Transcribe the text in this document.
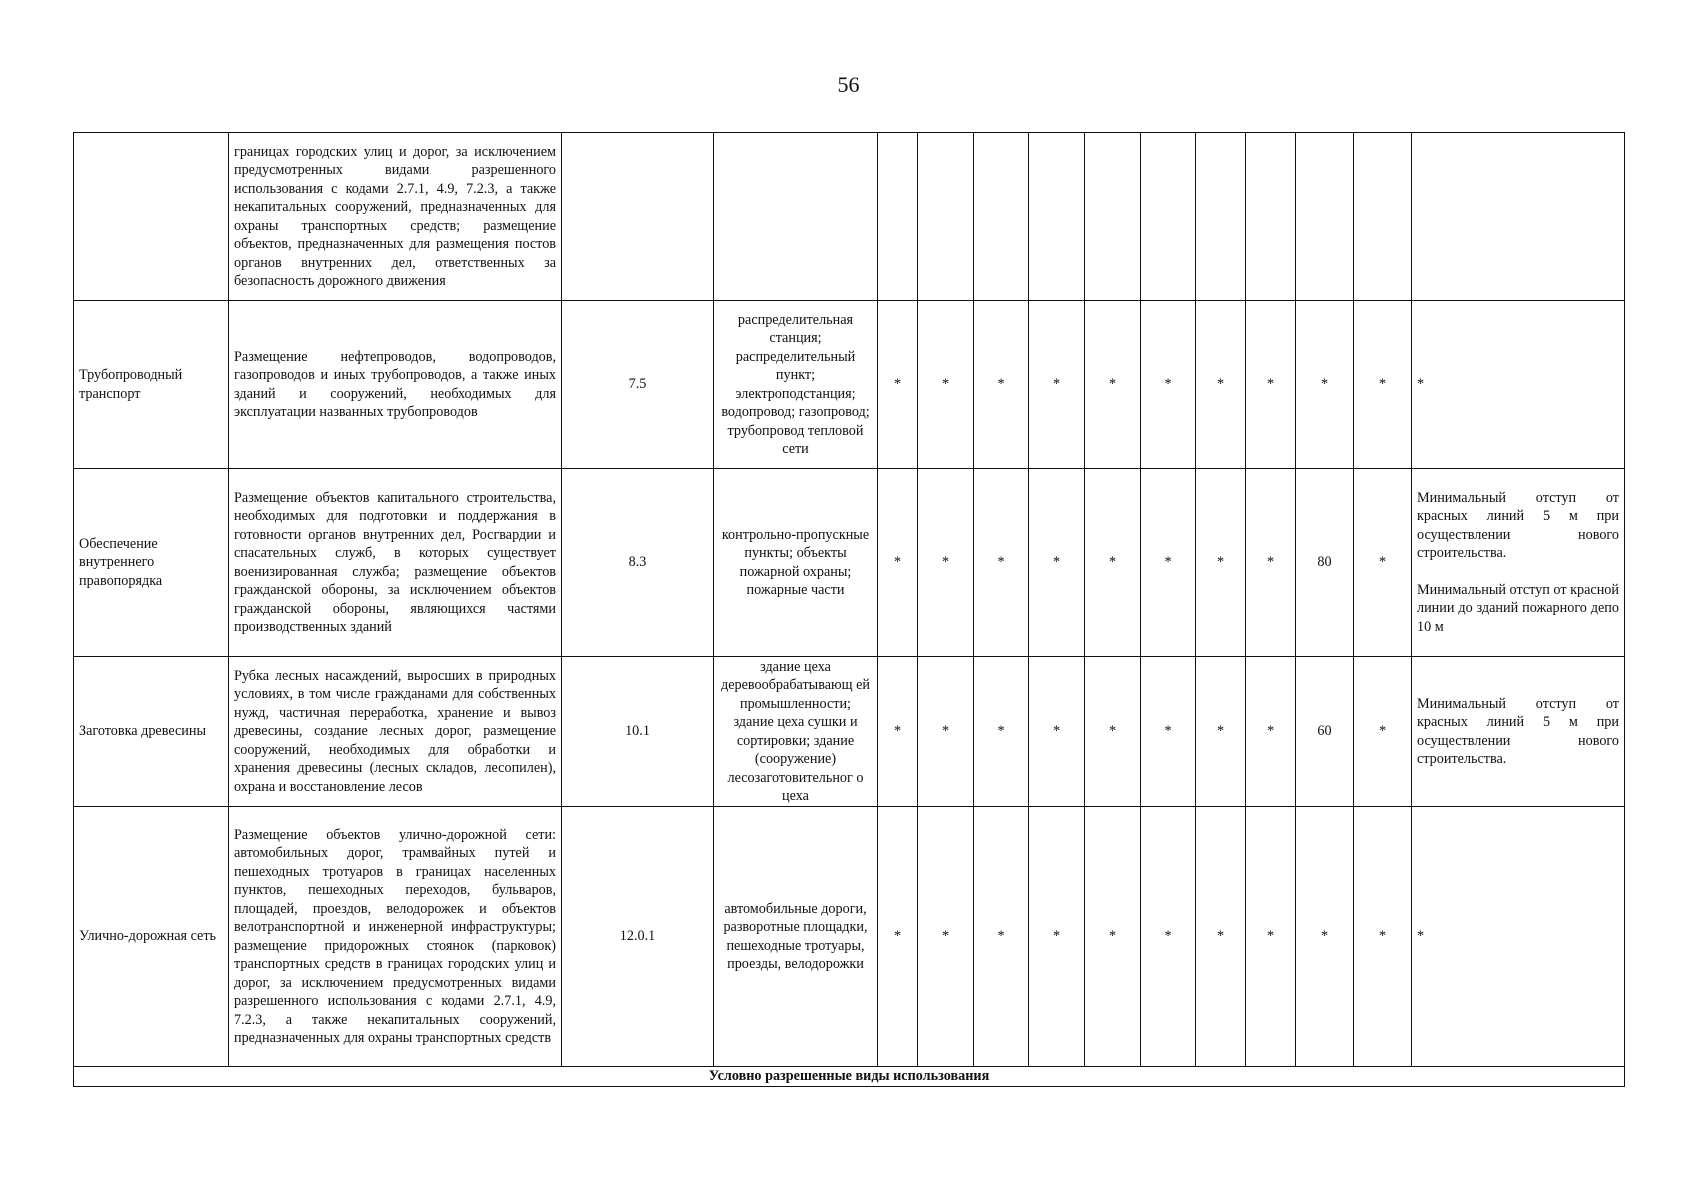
56
	границах городских улиц и дорог, за исключением предусмотренных видами разрешенного использования с кодами 2.7.1, 4.9, 7.2.3, а также некапитальных сооружений, предназначенных для охраны транспортных средств; размещение объектов, предназначенных для размещения постов органов внутренних дел, ответственных за безопасность дорожного движения													
Трубопроводный транспорт	Размещение нефтепроводов, водопроводов, газопроводов и иных трубопроводов, а также иных зданий и сооружений, необходимых для эксплуатации названных трубопроводов	7.5	распределительная станция; распределительный пункт; электроподстанция; водопровод; газопровод; трубопровод тепловой сети	*	*	*	*	*	*	*	*	*	*	*
Обеспечение внутреннего правопорядка	Размещение объектов капитального строительства, необходимых для подготовки и поддержания в готовности органов внутренних дел, Росгвардии и спасательных служб, в которых существует военизированная служба; размещение объектов гражданской обороны, за исключением объектов гражданской обороны, являющихся частями производственных зданий	8.3	контрольно-пропускные пункты; объекты пожарной охраны; пожарные части	*	*	*	*	*	*	*	*	80	*	Минимальный отступ от красных линий 5 м при осуществлении нового строительства.

Минимальный отступ от красной линии до зданий пожарного депо 10 м

Заготовка древесины	Рубка лесных насаждений, выросших в природных условиях, в том числе гражданами для собственных нужд, частичная переработка, хранение и вывоз древесины, создание лесных дорог, размещение сооружений, необходимых для обработки и хранения древесины (лесных складов, лесопилен), охрана и восстановление лесов	10.1	здание цеха деревообрабатывающ ей промышленности; здание цеха сушки и сортировки; здание (сооружение) лесозаготовительног о цеха	*	*	*	*	*	*	*	*	60	*	Минимальный отступ от красных линий 5 м при осуществлении нового строительства.

Улично-дорожная сеть	Размещение объектов улично-дорожной сети: автомобильных дорог, трамвайных путей и пешеходных тротуаров в границах населенных пунктов, пешеходных переходов, бульваров, площадей, проездов, велодорожек и объектов велотранспортной и инженерной инфраструктуры; размещение придорожных стоянок (парковок) транспортных средств в границах городских улиц и дорог, за исключением предусмотренных видами разрешенного использования с кодами 2.7.1, 4.9, 7.2.3, а также некапитальных сооружений, предназначенных для охраны транспортных средств	12.0.1	автомобильные дороги, разворотные площадки, пешеходные тротуары, проезды, велодорожки	*	*	*	*	*	*	*	*	*	*	*
Условно разрешенные виды использования														
